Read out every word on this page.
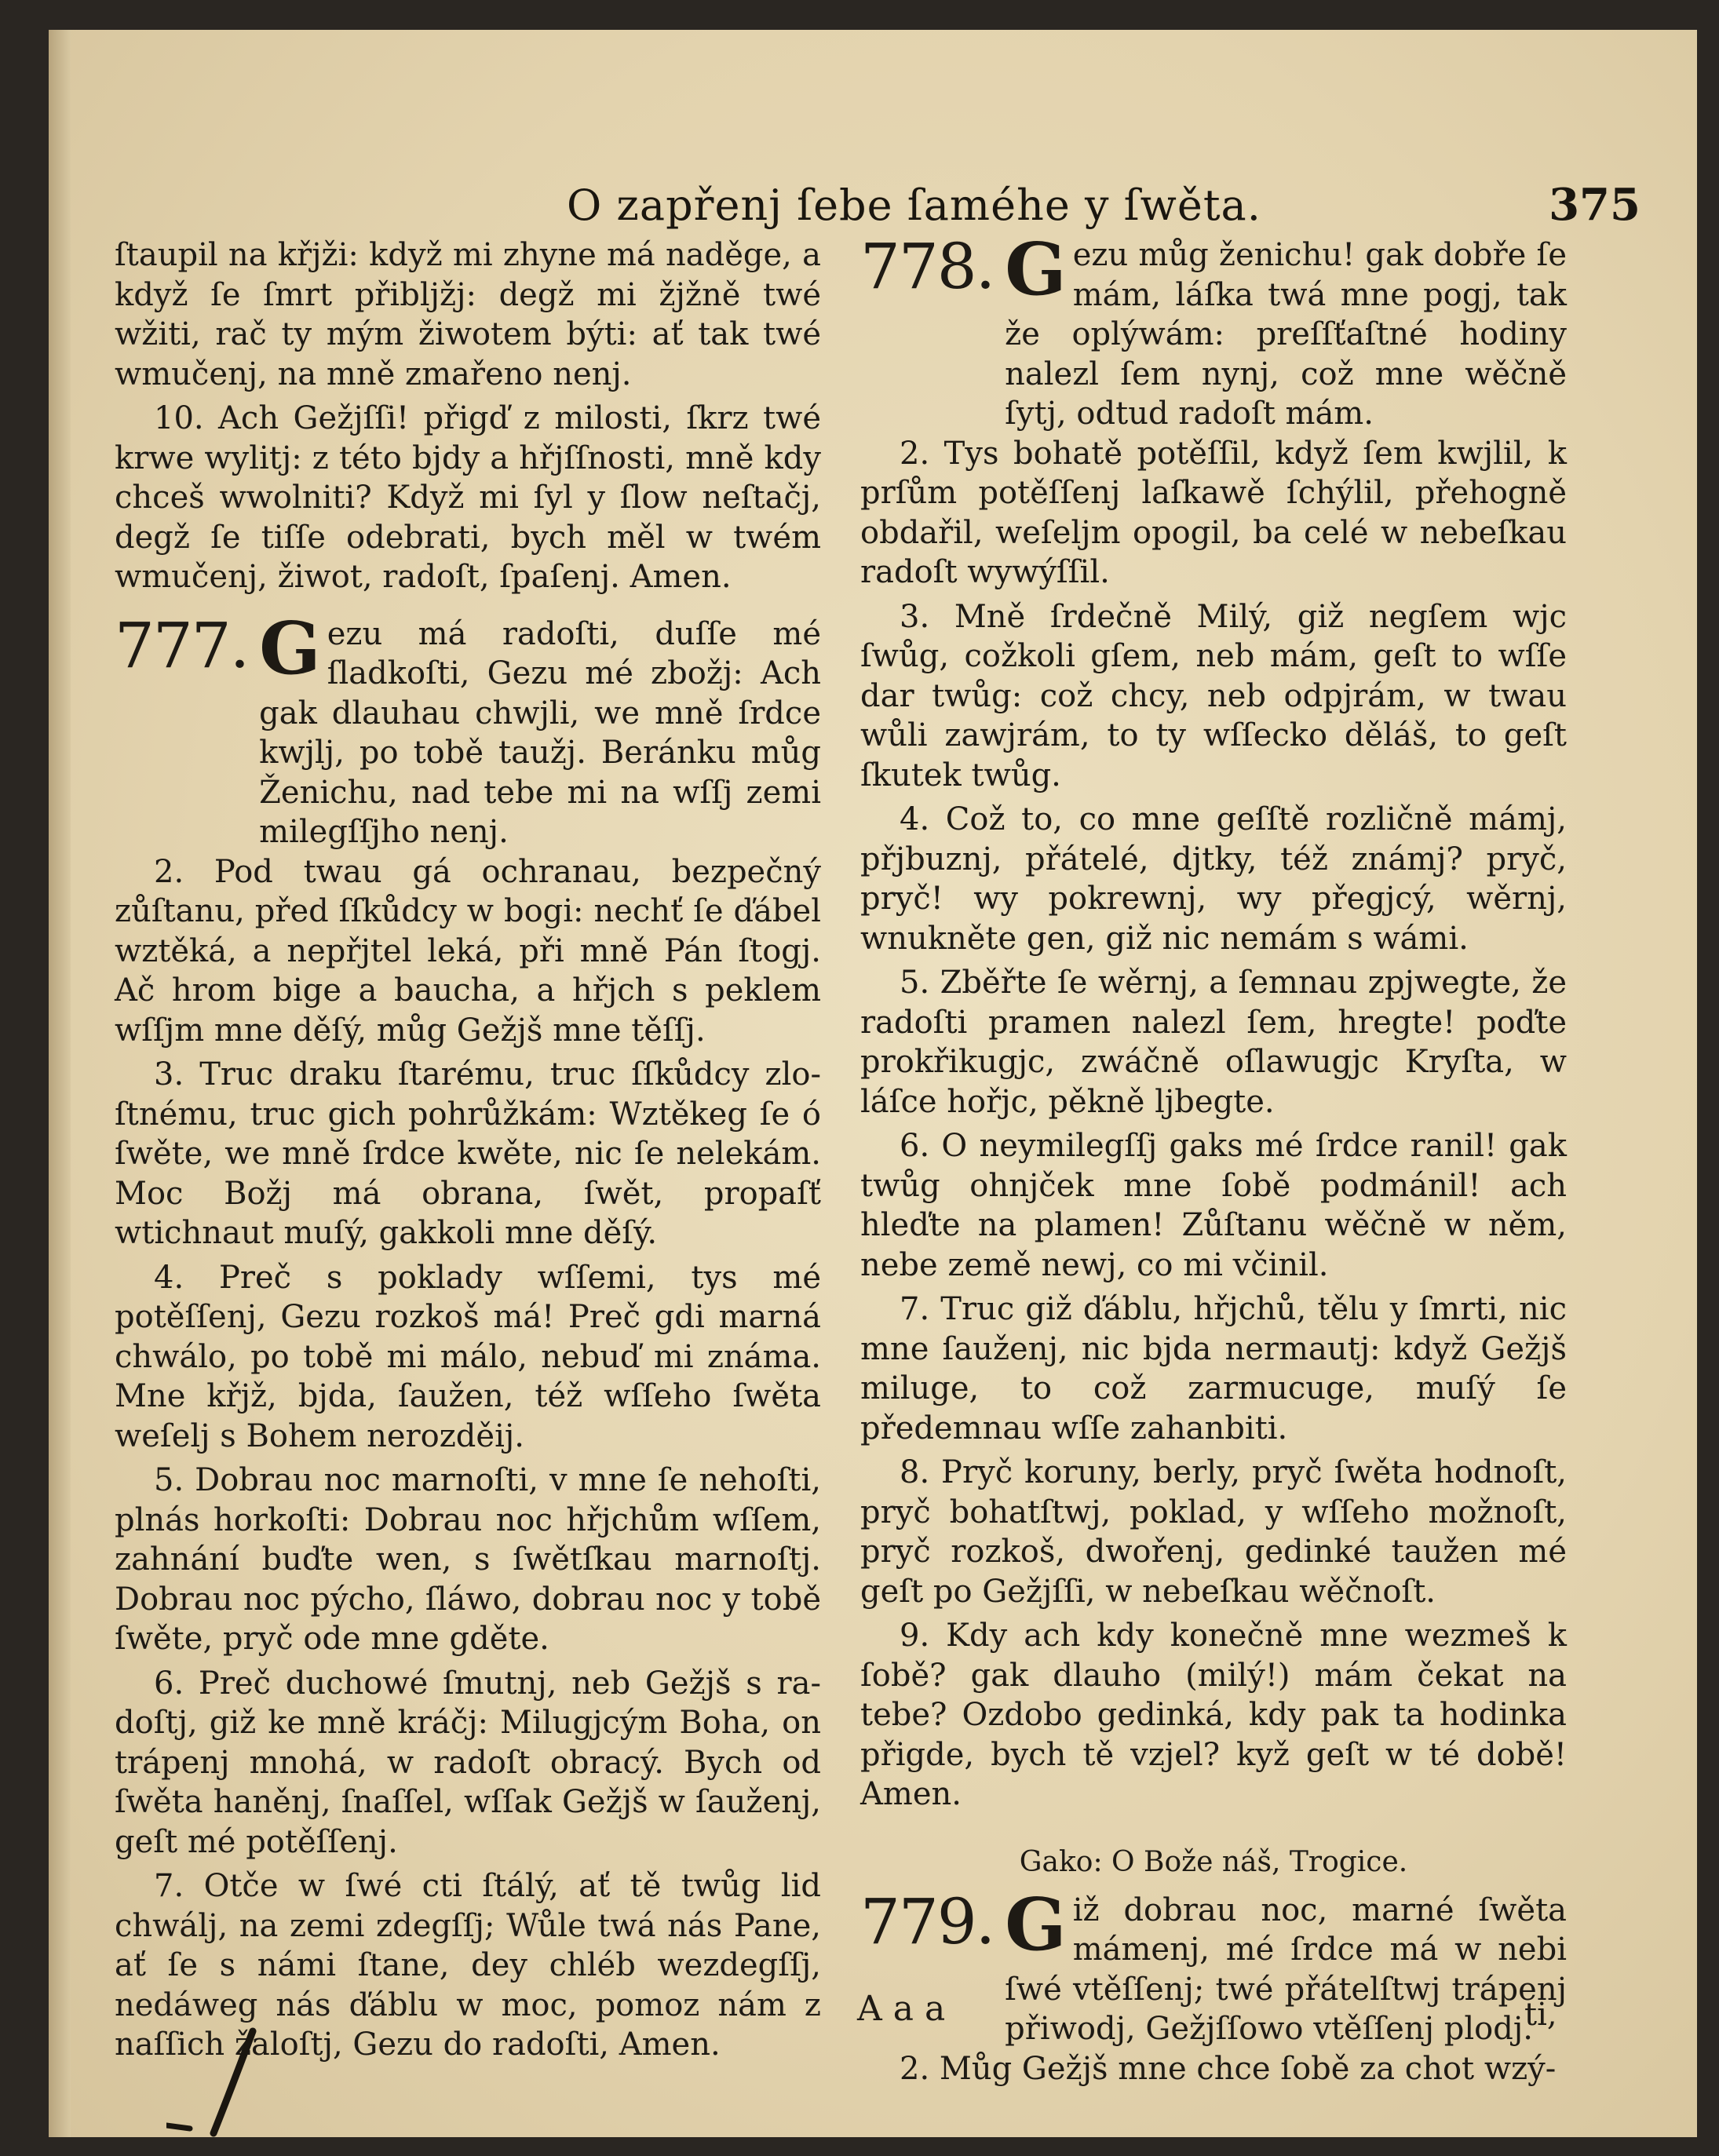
O zapřenj ſebe ſaméhe y ſwěta.	375

ſtaupil na křjži: když mi zhyne má naděge, a když ſe ſmrt přibljžj: degž mi žjžně twé wžiti, rač ty mým žiwotem býti: ať tak twé wmučenj, na mně zmařeno nenj.

10. Ach Gežjſſi! přigď z milosti, ſkrz twé krwe wylitj: z této bjdy a hřjſſnosti, mně kdy chceš wwolniti? Když mi ſyl y ſlow neſtačj, degž ſe tiſſe odebrati, bych měl w twém wmučenj, žiwot, radoſt, ſpaſenj. Amen.

777. G ezu má radoſti, duſſe mé ſladkoſti, Gezu mé zbožj: Ach gak dlauhau chwjli, we mně ſrdce kwjlj, po tobě taužj. Beránku můg Ženichu, nad tebe mi na wſſj zemi milegſſjho nenj.

2. Pod twau gá ochranau, bezpečný zůſtanu, před ſſkůdcy w bogi: nechť ſe ďábel wztěká, a nepřjtel leká, při mně Pán ſtogj. Ač hrom bige a baucha, a hřjch s peklem wſſjm mne děſý, můg Gežjš mne těſſj.

3. Truc draku ſtarému, truc ſſkůdcy zlo-ſtnému, truc gich pohrůžkám: Wztěkeg ſe ó ſwěte, we mně ſrdce kwěte, nic ſe nelekám. Moc Božj má obrana, ſwět, propaſť wtichnaut muſý, gakkoli mne děſý.

4. Preč s poklady wſſemi, tys mé potěſſenj, Gezu rozkoš má! Preč gdi marná chwálo, po tobě mi málo, nebuď mi známa. Mne křjž, bjda, ſaužen, též wſſeho ſwěta weſelj s Bohem nerozděij.

5. Dobrau noc marnoſti, v mne ſe nehoſti, plnás horkoſti: Dobrau noc hřjchům wſſem, zahnání buďte wen, s ſwětſkau marnoſtj. Dobrau noc pýcho, ſláwo, dobrau noc y tobě ſwěte, pryč ode mne gděte.

6. Preč duchowé ſmutnj, neb Gežjš s ra-doſtj, giž ke mně kráčj: Milugjcým Boha, on trápenj mnohá, w radoſt obracý. Bych od ſwěta haněnj, ſnaſſel, wſſak Gežjš w ſauženj, geſt mé potěſſenj.

7. Otče w ſwé cti ſtálý, ať tě twůg lid chwálj, na zemi zdegſſj; Wůle twá nás Pane, ať ſe s námi ſtane, dey chléb wezdegſſj, nedáweg nás ďáblu w moc, pomoz nám z naſſich žaloſtj, Gezu do radoſti, Amen.

778. G ezu můg ženichu! gak dobře ſe mám, láſka twá mne pogj, tak že oplýwám: preſſťaſtné hodiny nalezl ſem nynj, což mne wěčně ſytj, odtud radoſt mám.

2. Tys bohatě potěſſil, když ſem kwjlil, k prſům potěſſenj laſkawě ſchýlil, přehogně obdařil, weſeljm opogil, ba celé w nebeſkau radoſt wywýſſil.

3. Mně ſrdečně Milý, giž negſem wjc ſwůg, cožkoli gſem, neb mám, geſt to wſſe dar twůg: což chcy, neb odpjrám, w twau wůli zawjrám, to ty wſſecko děláš, to geſt ſkutek twůg.

4. Což to, co mne geſſtě rozličně mámj, přjbuznj, přátelé, djtky, též známj? pryč, pryč! wy pokrewnj, wy přegjcý, wěrnj, wnukněte gen, giž nic nemám s wámi.

5. Zběřte ſe wěrnj, a ſemnau zpjwegte, že radoſti pramen nalezl ſem, hregte! poďte prokřikugjc, zwáčně oſlawugjc Kryſta, w láſce hořjc, pěkně ljbegte.

6. O neymilegſſj gaks mé ſrdce ranil! gak twůg ohnjček mne ſobě podmánil! ach hleďte na plamen! Zůſtanu wěčně w něm, nebe země newj, co mi včinil.

7. Truc giž ďáblu, hřjchů, tělu y ſmrti, nic mne ſauženj, nic bjda nermautj: když Gežjš miluge, to což zarmucuge, muſý ſe předemnau wſſe zahanbiti.

8. Pryč koruny, berly, pryč ſwěta hodnoſt, pryč bohatſtwj, poklad, y wſſeho možnoſt, pryč rozkoš, dwořenj, gedinké taužen mé geſt po Gežjſſi, w nebeſkau wěčnoſt.

9. Kdy ach kdy konečně mne wezmeš k ſobě? gak dlauho (milý!) mám čekat na tebe? Ozdobo gedinká, kdy pak ta hodinka přigde, bych tě vzjel? kyž geſt w té době! Amen.

Gako: O Bože náš, Trogice.
779. G iž dobrau noc, marné ſwěta mámenj, mé ſrdce má w nebi ſwé vtěſſenj; twé přátelſtwj trápenj přiwodj, Gežjſſowo vtěſſenj plodj.

2. Můg Gežjš mne chce ſobě za chot wzý-

A a a	ti,
